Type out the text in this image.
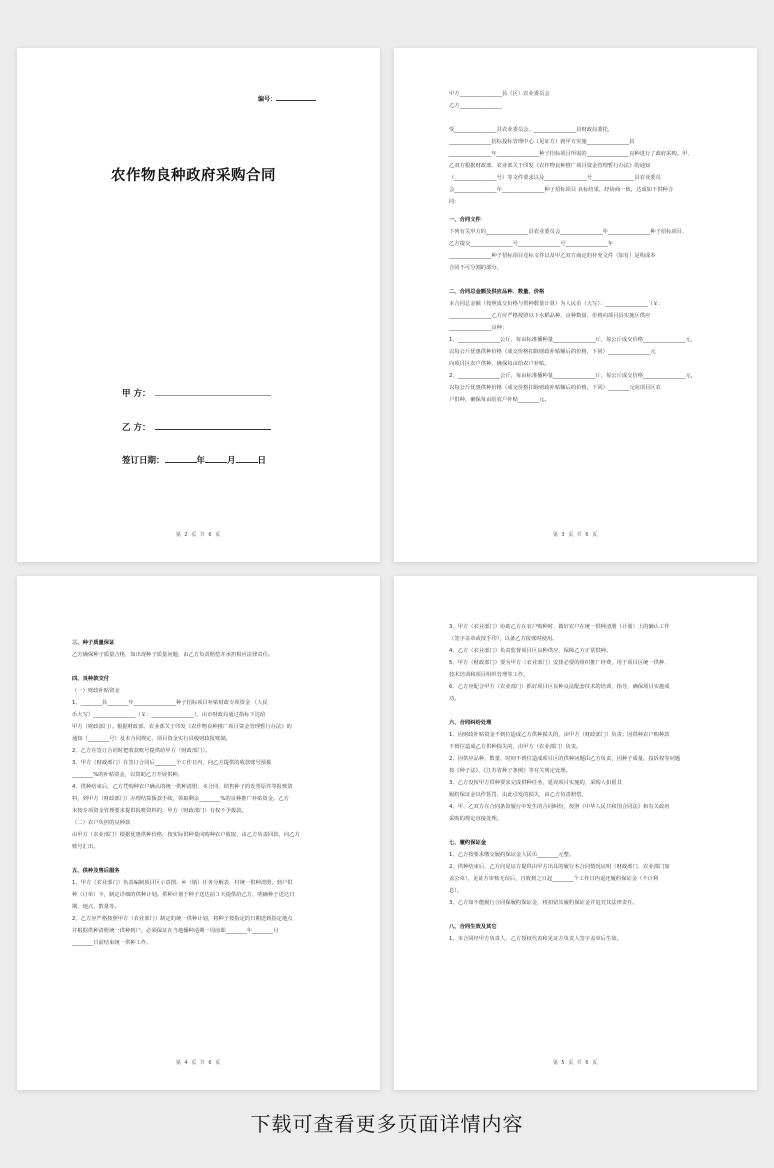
编号：
农作物良种政府采购合同
甲 方：
乙 方：
签订日期：	年	月	日
第 2 页 共 6 页

甲方________________县（区）农业委员会

乙方________________

受________________县农业委员会、________________县财政局委托，

________________招标投标管理中心（见证方）就甲方实施________________县

________________年________________种子招标项目所需的________________良种进行了政府采购。甲、

乙双方根据财政部、农业部关于印发《农作物良种推广项目资金管理暂行办法》的通知

（________________号）等文件要求以及________________号________________县农业委员

会________________年________________种子招标项目 良标结果，经协商一致，达成如下供种合

同：

一、合同文件

下列有关甲方的________________县农业委员会________________年________________种子招标项目、

乙方提交________________号________________号________________年

________________种子招标项目竞标文件以及甲乙双方商定的补充文件（如有）是构成本

合同不可分割的部分。

二、合同总金额及供应品种、数量、价格

本合同总金额（按照成交价格与供种数量计算）为人民币（大写）：________________（￥：

________________乙方应严格按照以下水稻品种、良种数量、价格向项目县实施区供应

________________良种：

1、________________公斤，每亩标准播种量________________斤，每公斤成交价格________________元，

以每公斤优惠供种价格（成交价格扣除财政补贴额后的价格，下同）________________元

向项目区农户供种，确保每亩给农户补贴。

2、________________公斤，每亩标准播种量________________斤，每公斤成交价格________________元，

以每公斤优惠供种价格（成交价格扣除财政补贴额后的价格，下同）________元向项目区农

户供种，确保每亩给农户补贴________元。

第 3 页 共 6 页

三、种子质量保证

乙方确保种子质量合格，如出现种子质量问题，由乙方负责赔偿并承担相应法律责任。

四、良种款交付

（一）财政补贴资金

1、________县________年________________种子招标项目补贴财政专项资金 （人民

币大写）________________（￥：________________），由市财政局通过指标下达给

甲方（财政部门）。根据财政部、农业部关于印发《农作物良种推广项目资金管理暂行办法》的

通知（________号）及本合同规定，项目资金实行县级财政报账制。

2、乙方在签订合同时把收款账号提供给甲方（财政部门）。

3、甲方（财政部门）在签订合同后________个工作日内，向乙方提供的收款账号预拨

________%的补贴资金，以资助乙方开展供种。

4、供种结束后，乙方凭购种农户确认的统一供种清册、本合同、销售种子的发票原件等报账资

料，到甲方（财政部门）办理结算拨款手续，领取剩余________%的良种推广补贴资金。乙方

未按专项资金管理要求提供报账资料的，甲方（财政部门）有权不予拨款。

（二）农户负担的良种款

由甲方（农业部门）根据优惠供种价格，按实际供种量向购种农户收取，由乙方负责回款，向乙方

账号汇出。

五、供种及售后服务

1、甲方（农业部门）负责编制项目区示意图、乡（镇）任务分解表、村统一供种清册，到户供

种（订单）卡，制定详细的供种计划。供种计划于种子送达前３天提供给乙方，明确种子送达日

期、地点、数量等。

2、乙方应严格按照甲方（农业部门）制定的统一供种计划，将种子按指定的日期送到指定地点

并根据供种清册统一供种到户，必须保证在当地播种适期一周前即________年________月

________日前结束统一供种工作。

第 4 页 共 6 页

3、甲方（农业部门）协助乙方在农户购种时，做好农户在统一供种清册（计划）上的确认工作

（签字盖章或按手印），以备乙方报账时使用。

4、乙方（农业部门）负责监督项目区良种供应，保障乙方正常供种。

5、甲方（财政部门）要为甲方（农业部门）安排必要的组织推广经费，用于项目区统一供种、

技术培训和项目组织管理等工作。

6、乙方应配合甲方（农业部门）抓好项目区良种良法配套技术的培训、指导，确保项目实施成

功。

六、合同纠纷处理

1、因财政补贴资金不到位造成乙方供种损失的，由甲方（财政部门）负责；因供种农户购种款

不到位造成乙方供种损失的，由甲方（农业部门）负责。

2、因供应品种、数量、时间不到位造成项目区的供种问题由乙方负责，因种子质量，投诉权等问题

按《种子法》、《江苏省种子条例》等有关规定处理。

3、乙方没按甲方供种要求完成供种任务，延误项目实施的，采购人扣留其

履约保证金以作惩罚，由此引发的损失，由乙方负责赔偿。

4、甲、乙双方在合同条款履行中发生的合同纠纷，按照《中华人民共和国合同法》和有关政府

采购的规定直接处理。

七、履约保证金

1、乙方按要求缴交履约保证金人民币________元整。

2、供种结束后，乙方向见证方提供由甲方出具的履行本合同情况证明（财政部门、农业部门加

盖公章），见证方审核无误后，自收到之日起________个工作日内退还履约保证金（不计利

息）。

3、乙方如不能履行合同保履约保证金，将扣留其履约保证金并追究其法律责任。

八、合同生效及其它

1、本合同经甲方负责人、乙方授权代表和见证方负责人签字盖章后生效。

第 5 页 共 6 页
下载可查看更多页面详情内容
